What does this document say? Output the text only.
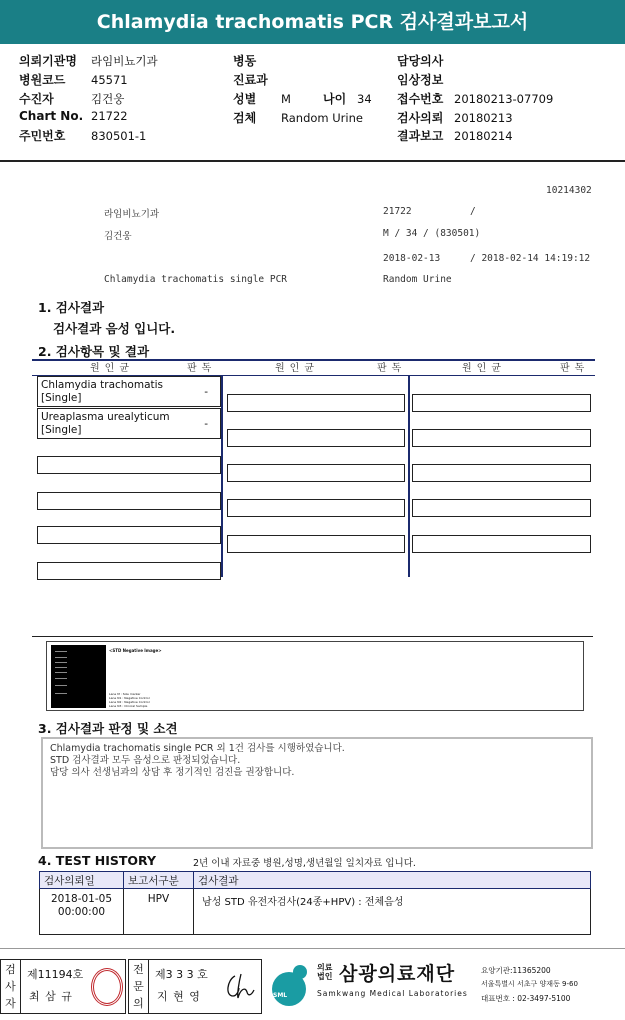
Chlamydia trachomatis PCR 검사결과보고서
의뢰기관명 라임비뇨기과
병원코드 45571
수진자	김건웅
Chart No. 21722
주민번호 830501-1
병동
진료과
성별 M	나이 34
검체 Random Urine
담당의사
임상정보
접수번호 20180213-07709
검사의뢰 20180213
결과보고 20180214
10214302
라임비뇨기과	21722	/
김건웅	M / 34 / (830501)
2018-02-13	/ 2018-02-14 14:19:12
Chlamydia trachomatis single PCR	Random Urine
1. 검사결과
검사결과 음성 입니다.
2. 검사항목 및 결과
원인균	판독	원인균	판독	원인균	판독
Chlamydia trachomatis [Single]	-
Ureaplasma urealyticum [Single]	-
<STD Negative Image>
Lane M : Size marker
Lane N1 : Negative Control
Lane N2 : Negative Control
Lane N3 : Clinical Sample
3. 검사결과 판정 및 소견
Chlamydia trachomatis single PCR 외 1건 검사를 시행하였습니다.
STD 검사결과 모두 음성으로 판정되었습니다.
담당 의사 선생님과의 상담 후 정기적인 검진을 권장합니다.
4. TEST HISTORY	2년 이내 자료중 병원,성명,생년월일 일치자료 입니다.
검사의뢰일	보고서구분	검사결과

2018-01-05
00:00:00	HPV	남성 STD 유전자검사(24종+HPV) : 전체음성
검사자
제11194호
최 삼 규
전문의
제3 3 3 호
지 현 영	SML
의료
법인 삼광의료재단
Samkwang Medical Laboratories
요양기관:11365200
서울특별시 서초구 양재동 9-60
대표번호 : 02-3497-5100
